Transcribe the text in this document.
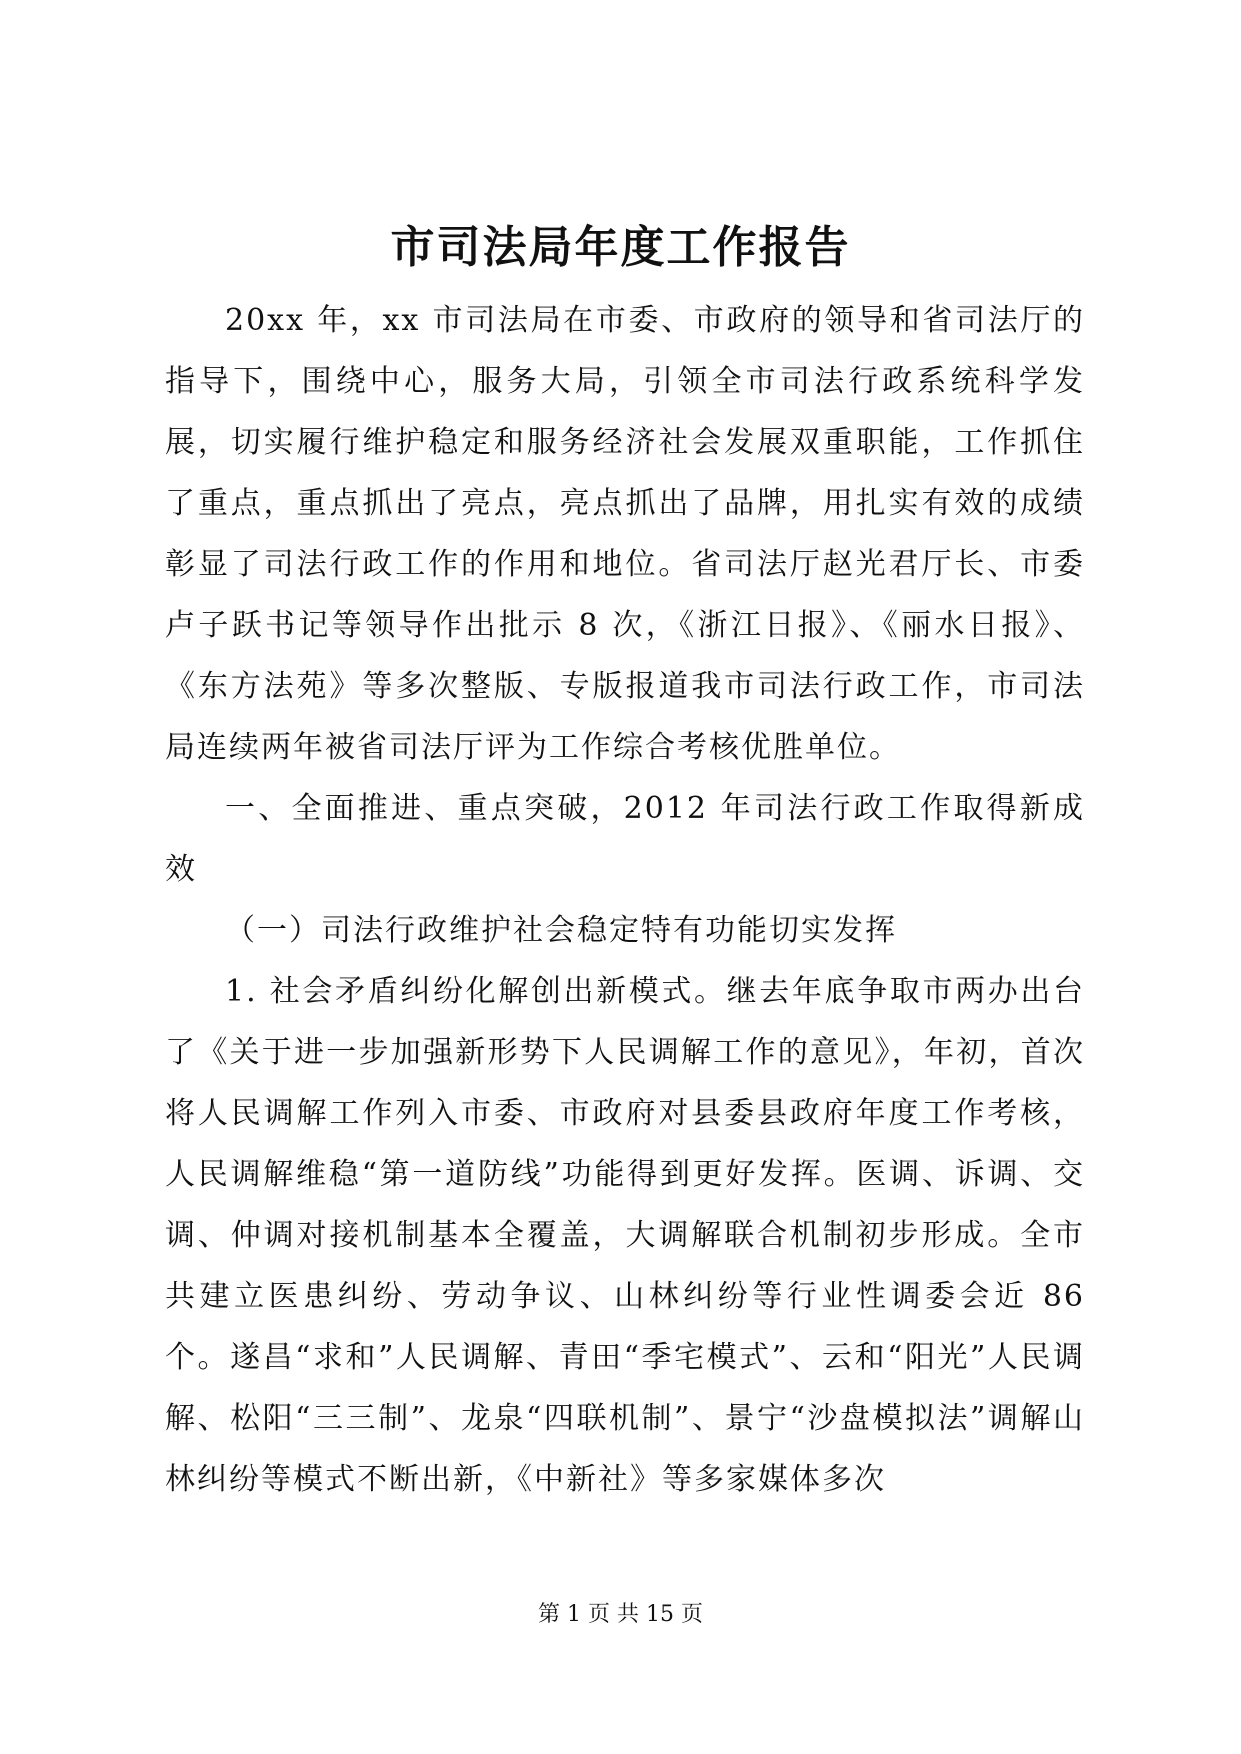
市司法局年度工作报告

20xx 年，xx 市司法局在市委、市政府的领导和省司法厅的指导下，围绕中心，服务大局，引领全市司法行政系统科学发展，切实履行维护稳定和服务经济社会发展双重职能，工作抓住了重点，重点抓出了亮点，亮点抓出了品牌，用扎实有效的成绩彰显了司法行政工作的作用和地位。省司法厅赵光君厅长、市委卢子跃书记等领导作出批示 8 次，《浙江日报》、《丽水日报》、《东方法苑》等多次整版、专版报道我市司法行政工作，市司法局连续两年被省司法厅评为工作综合考核优胜单位。

一、全面推进、重点突破，2012 年司法行政工作取得新成效

（一）司法行政维护社会稳定特有功能切实发挥

1. 社会矛盾纠纷化解创出新模式。继去年底争取市两办出台了《关于进一步加强新形势下人民调解工作的意见》，年初，首次将人民调解工作列入市委、市政府对县委县政府年度工作考核，人民调解维稳“第一道防线”功能得到更好发挥。医调、诉调、交调、仲调对接机制基本全覆盖，大调解联合机制初步形成。全市共建立医患纠纷、劳动争议、山林纠纷等行业性调委会近 86 个。遂昌“求和”人民调解、青田“季宅模式”、云和“阳光”人民调解、松阳“三三制”、龙泉“四联机制”、景宁“沙盘模拟法”调解山林纠纷等模式不断出新，《中新社》等多家媒体多次

第 1 页 共 15 页
